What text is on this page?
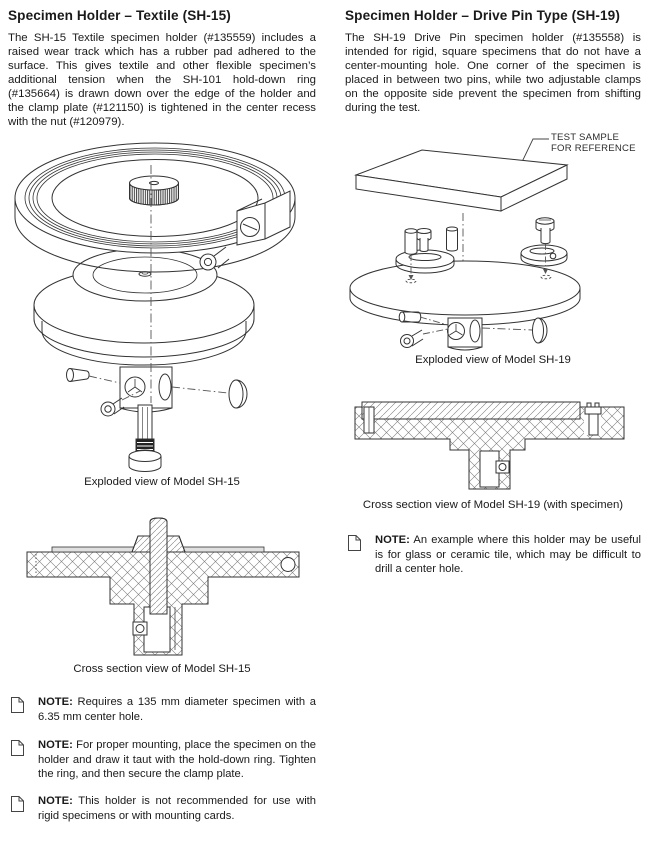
Specimen Holder – Textile (SH-15)

The SH-15 Textile specimen holder (#135559) includes a raised wear track which has a rubber pad adhered to the surface. This gives textile and other flexible specimen’s additional tension when the SH-101 hold-down ring (#135664) is drawn down over the edge of the holder and the clamp plate (#121150) is tightened in the center recess with the nut (#120979).

Exploded view of Model SH-15
Cross section view of Model SH-15
NOTE: Requires a 135 mm diameter specimen with a 6.35 mm center hole.
NOTE: For proper mounting, place the specimen on the holder and draw it taut with the hold-down ring. Tighten the ring, and then secure the clamp plate.
NOTE: This holder is not recommended for use with rigid specimens or with mounting cards.
Specimen Holder – Drive Pin Type (SH-19)

The SH-19 Drive Pin specimen holder (#135558) is intended for rigid, square specimens that do not have a center-mounting hole. One corner of the specimen is placed in between two pins, while two adjustable clamps on the opposite side prevent the specimen from shifting during the test.

TEST SAMPLE
FOR REFERENCE
Exploded view of Model SH-19
Cross section view of Model SH-19 (with specimen)
NOTE: An example where this holder may be useful is for glass or ceramic tile, which may be difficult to drill a center hole.
